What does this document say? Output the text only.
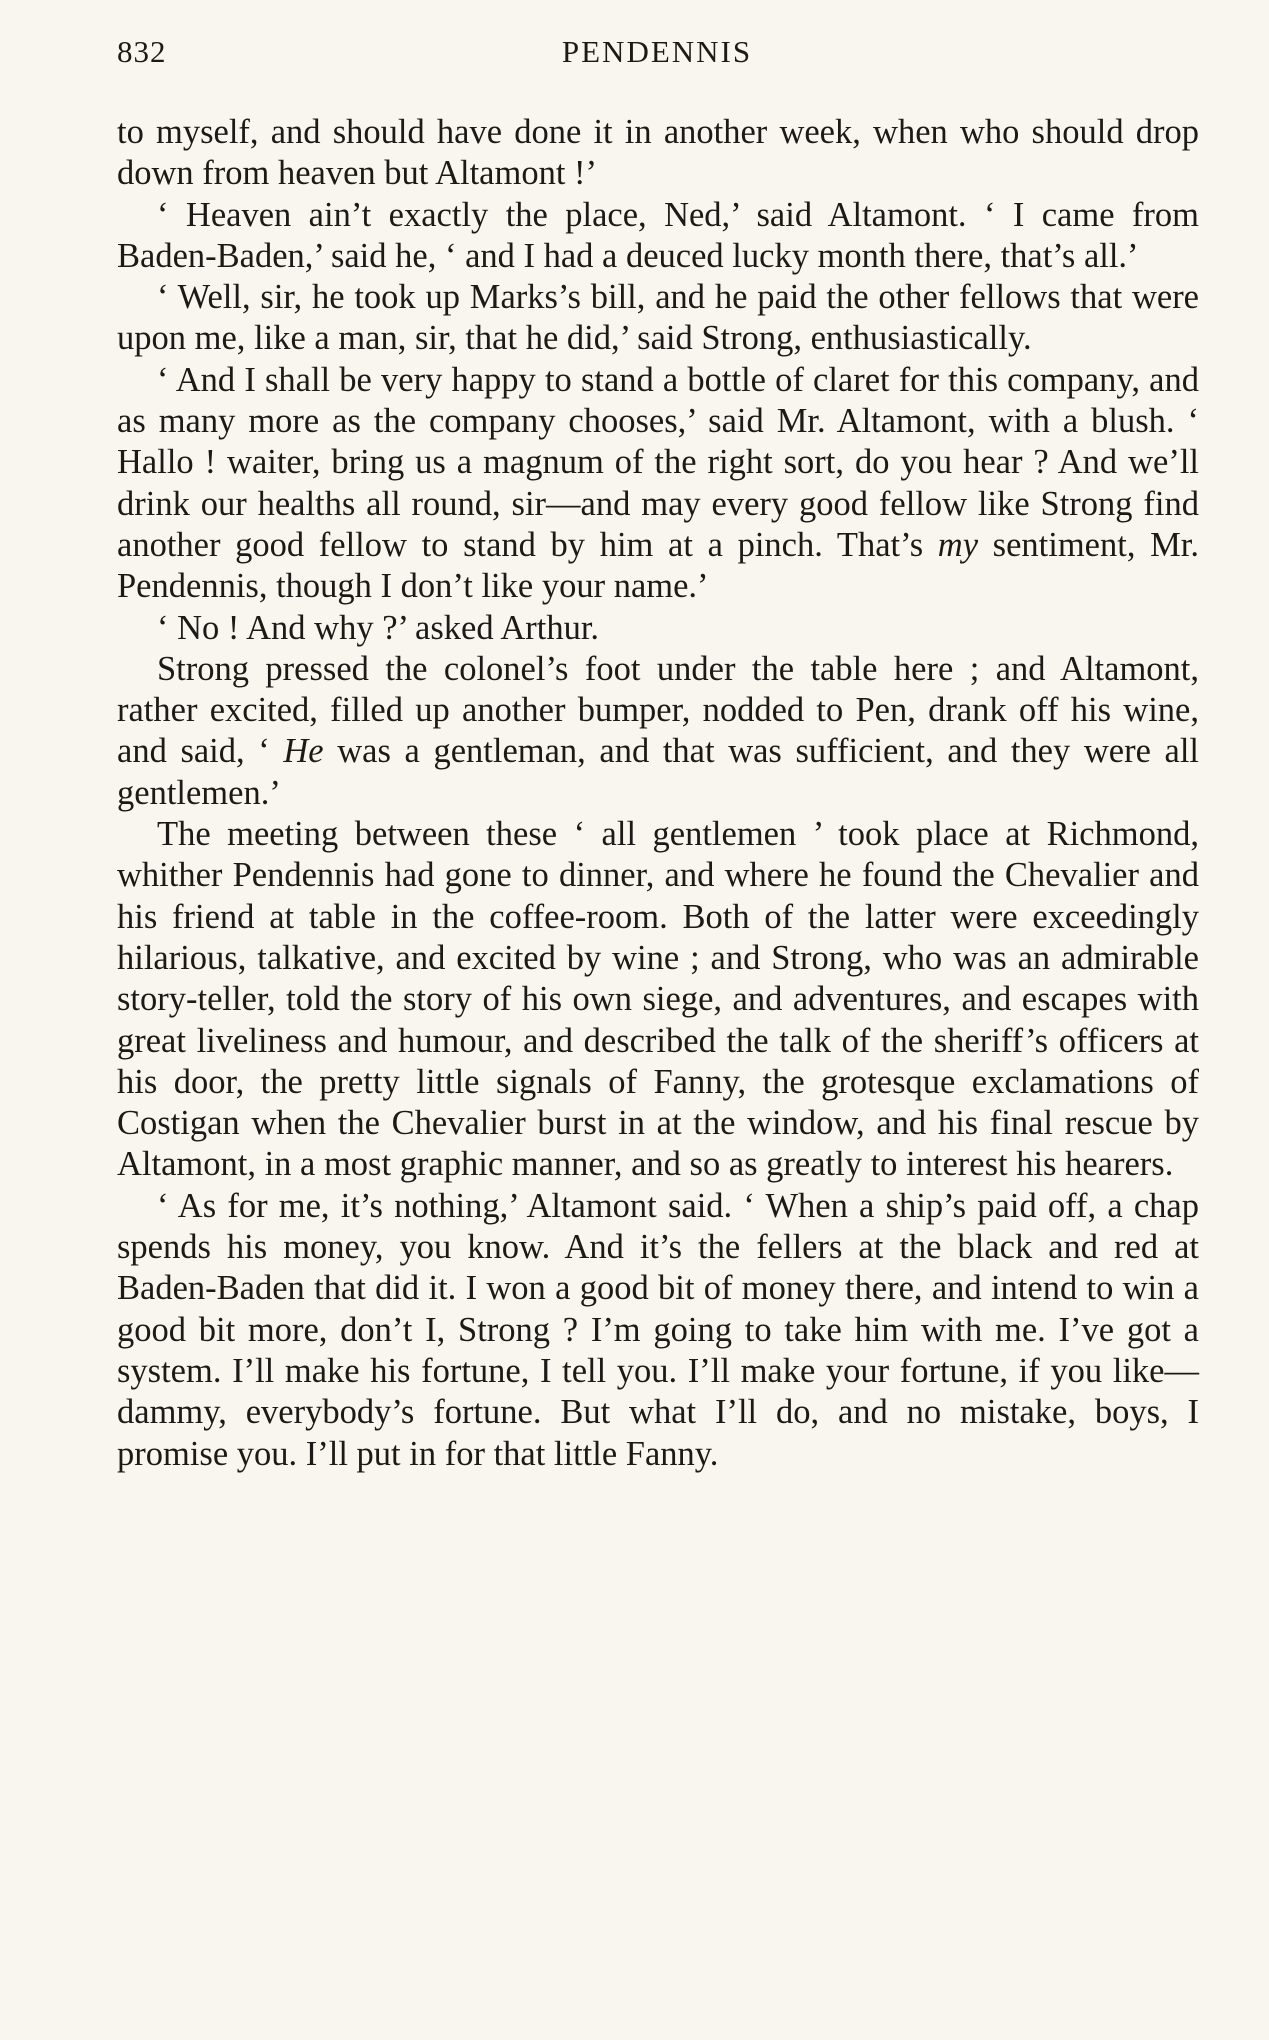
832	PENDENNIS

to myself, and should have done it in another week, when who should drop down from heaven but Altamont !’

‘ Heaven ain’t exactly the place, Ned,’ said Altamont. ‘ I came from Baden-Baden,’ said he, ‘ and I had a deuced lucky month there, that’s all.’

‘ Well, sir, he took up Marks’s bill, and he paid the other fellows that were upon me, like a man, sir, that he did,’ said Strong, enthusiastically.

‘ And I shall be very happy to stand a bottle of claret for this company, and as many more as the company chooses,’ said Mr. Altamont, with a blush. ‘ Hallo ! waiter, bring us a magnum of the right sort, do you hear ? And we’ll drink our healths all round, sir—and may every good fellow like Strong find another good fellow to stand by him at a pinch. That’s my sentiment, Mr. Pendennis, though I don’t like your name.’

‘ No ! And why ?’ asked Arthur.

Strong pressed the colonel’s foot under the table here ; and Altamont, rather excited, filled up another bumper, nodded to Pen, drank off his wine, and said, ‘ He was a gentleman, and that was sufficient, and they were all gentlemen.’

The meeting between these ‘ all gentlemen ’ took place at Richmond, whither Pendennis had gone to dinner, and where he found the Chevalier and his friend at table in the coffee-room. Both of the latter were exceedingly hilarious, talkative, and excited by wine ; and Strong, who was an admirable story-teller, told the story of his own siege, and adventures, and escapes with great liveliness and humour, and described the talk of the sheriff’s officers at his door, the pretty little signals of Fanny, the grotesque exclamations of Costigan when the Chevalier burst in at the window, and his final rescue by Altamont, in a most graphic manner, and so as greatly to interest his hearers.

‘ As for me, it’s nothing,’ Altamont said. ‘ When a ship’s paid off, a chap spends his money, you know. And it’s the fellers at the black and red at Baden-Baden that did it. I won a good bit of money there, and intend to win a good bit more, don’t I, Strong ? I’m going to take him with me. I’ve got a system. I’ll make his fortune, I tell you. I’ll make your fortune, if you like—dammy, everybody’s fortune. But what I’ll do, and no mistake, boys, I promise you. I’ll put in for that little Fanny.
